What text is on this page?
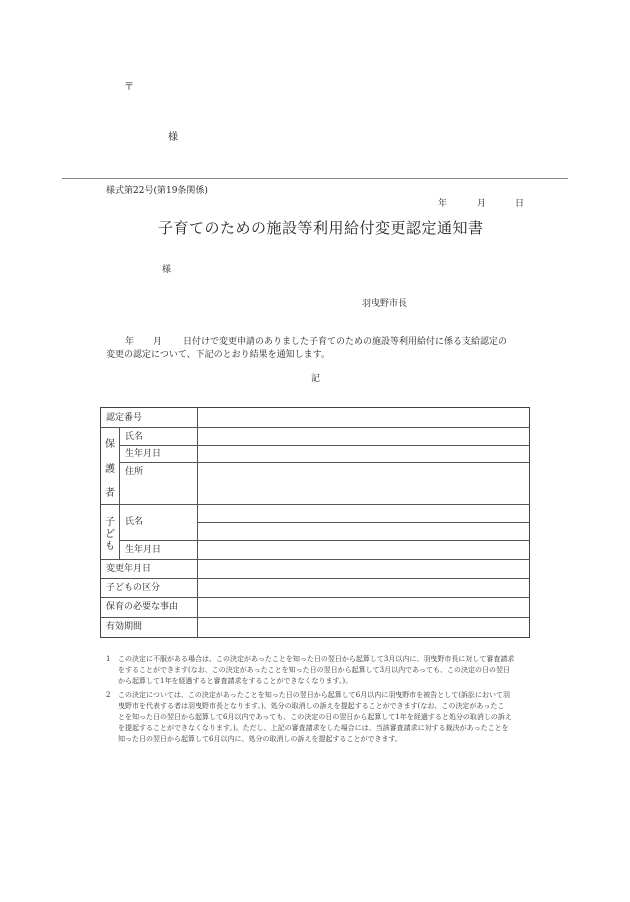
〒
様
様式第22号(第19条関係)
年	月	日
子育てのための施設等利用給付変更認定通知書
様
羽曳野市長
年 月 日付けで変更申請のありました子育てのための施設等利用給付に係る支給認定の
変更の認定について、下記のとおり結果を通知します。
記
認定番号
保
護
者
氏名
生年月日
住所
子
ど
も
氏名
生年月日
変更年月日
子どもの区分
保育の必要な事由
有効期間
1 この決定に不服がある場合は、この決定があったことを知った日の翌日から起算して3月以内に、羽曳野市長に対して審査請求
をすることができます(なお、この決定があったことを知った日の翌日から起算して3月以内であっても、この決定の日の翌日
から起算して1年を経過すると審査請求をすることができなくなります。)。
2 この決定については、この決定があったことを知った日の翌日から起算して6月以内に羽曳野市を被告として(訴訟において羽
曳野市を代表する者は羽曳野市長となります。)、処分の取消しの訴えを提起することができます(なお、この決定があったこ
とを知った日の翌日から起算して6月以内であっても、この決定の日の翌日から起算して1年を経過すると処分の取消しの訴え
を提起することができなくなります。)。ただし、上記の審査請求をした場合には、当該審査請求に対する裁決があったことを
知った日の翌日から起算して6月以内に、処分の取消しの訴えを提起することができます。
